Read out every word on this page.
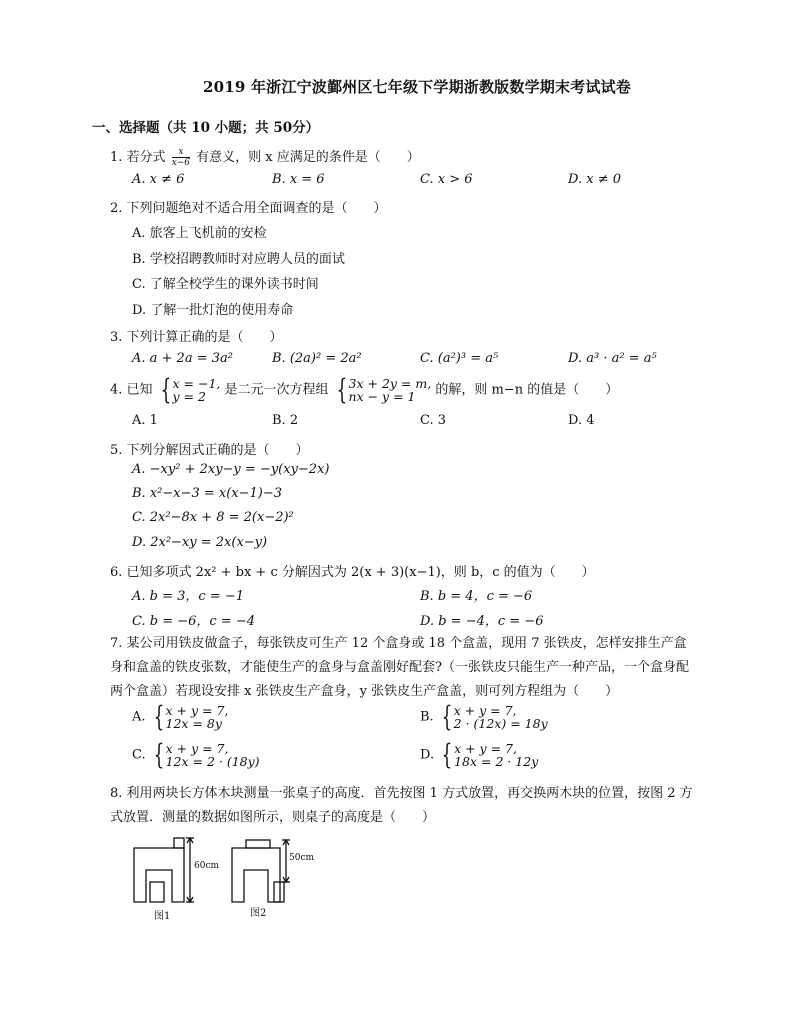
2019 年浙江宁波鄞州区七年级下学期浙教版数学期末考试试卷
一、选择题（共 10 小题；共 50分）
1. 若分式 $\frac{x}{x-6}$ 有意义，则 x 应满足的条件是（　　）
A. x ≠ 6	B. x = 6	C. x > 6	D. x ≠ 0
2. 下列问题绝对不适合用全面调查的是（　　）
A. 旅客上飞机前的安检
B. 学校招聘教师时对应聘人员的面试
C. 了解全校学生的课外读书时间
D. 了解一批灯泡的使用寿命
3. 下列计算正确的是（　　）
A. a + 2a = 3a²	B. (2a)² = 2a²	C. (a²)³ = a⁵	D. a³ · a² = a⁵
4. 已知 { x = −1,
y = 2	是二元一次方程组 { 3x + 2y = m,
nx − y = 1	的解，则 m−n 的值是（　　）
A. 1	B. 2	C. 3	D. 4
5. 下列分解因式正确的是（　　）
A. −xy² + 2xy−y = −y(xy−2x)
B. x²−x−3 = x(x−1)−3
C. 2x²−8x + 8 = 2(x−2)²
D. 2x²−xy = 2x(x−y)
6. 已知多项式 2x² + bx + c 分解因式为 2(x + 3)(x−1)，则 b，c 的值为（　　）
A. b = 3，c = −1	B. b = 4，c = −6
C. b = −6，c = −4	D. b = −4，c = −6
7. 某公司用铁皮做盒子，每张铁皮可生产 12 个盒身或 18 个盒盖，现用 7 张铁皮，怎样安排生产盒身和盒盖的铁皮张数，才能使生产的盒身与盒盖刚好配套?（一张铁皮只能生产一种产品，一个盒身配两个盒盖）若现设安排 x 张铁皮生产盒身，y 张铁皮生产盒盖，则可列方程组为（　　）
A. { x + y = 7,
12x = 8y	B. { x + y = 7,
2 · (12x) = 18y
C. { x + y = 7,
12x = 2 · (18y)	D. { x + y = 7,
18x = 2 · 12y
8. 利用两块长方体木块测量一张桌子的高度．首先按图 1 方式放置，再交换两木块的位置，按图 2 方式放置．测量的数据如图所示，则桌子的高度是（　　）
60cm
图1
50cm
图2
